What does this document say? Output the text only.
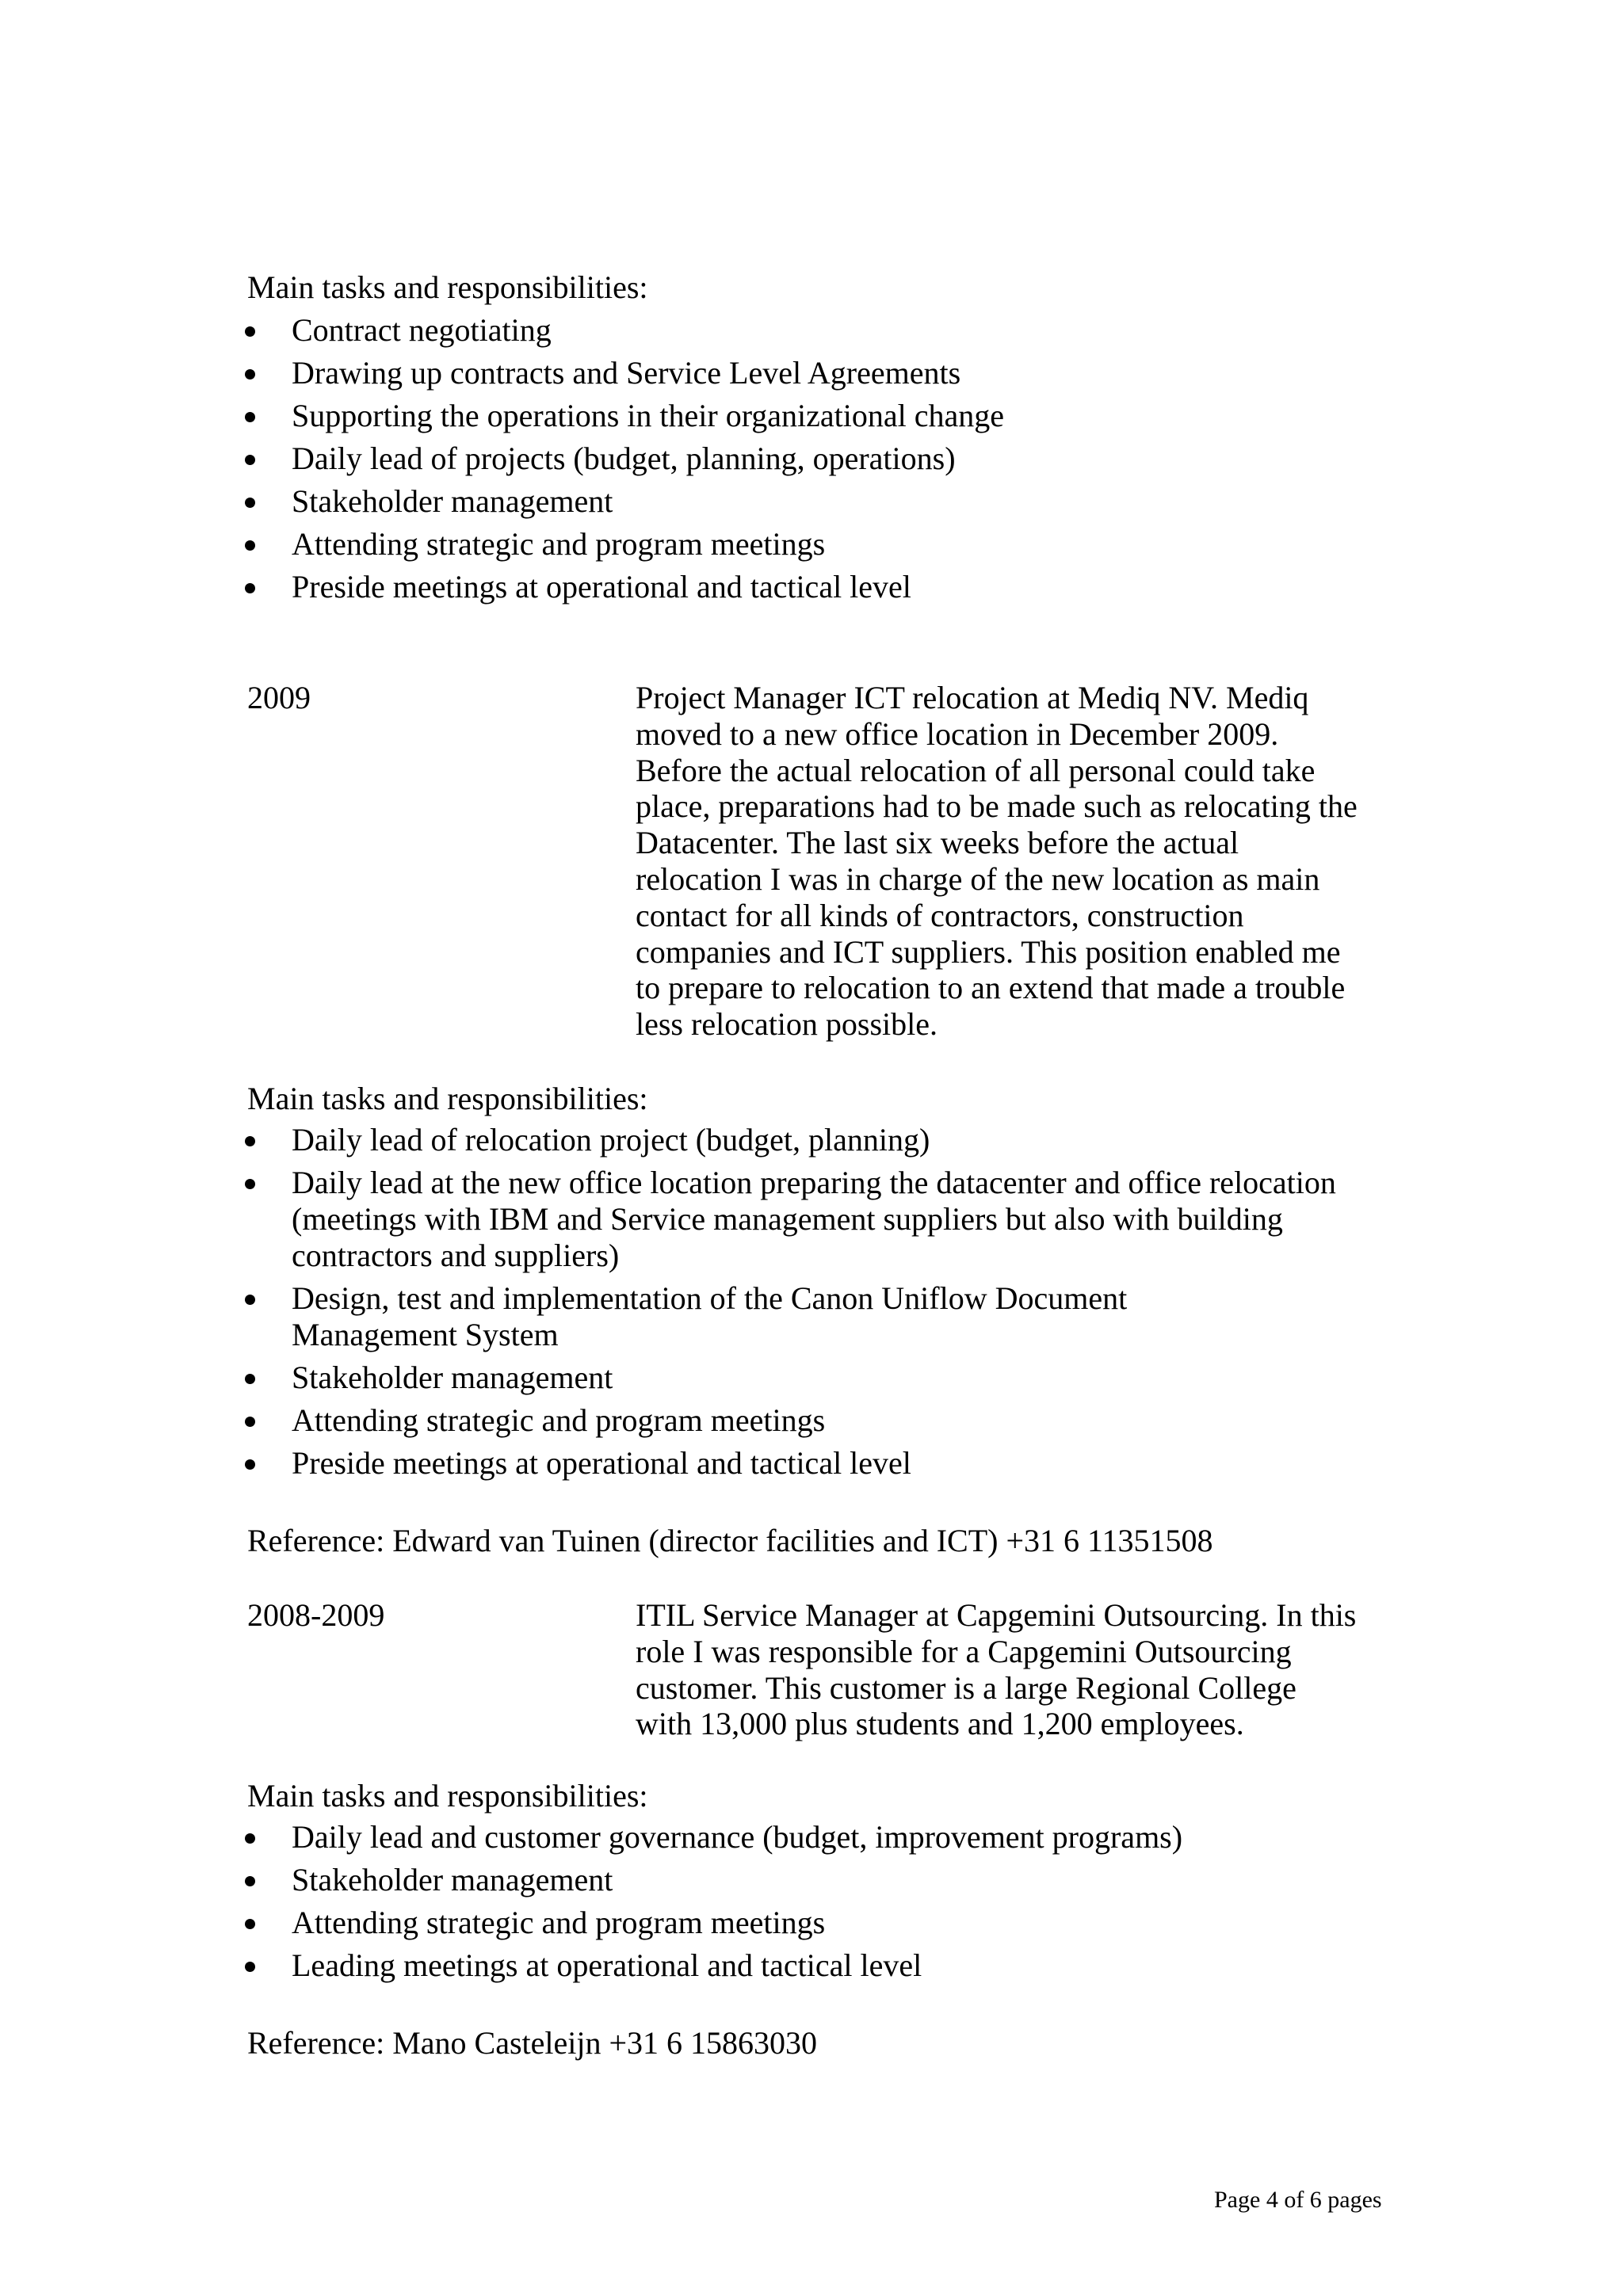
Main tasks and responsibilities:
Contract negotiating
Drawing up contracts and Service Level Agreements
Supporting the operations in their organizational change
Daily lead of projects (budget, planning, operations)
Stakeholder management
Attending strategic and program meetings
Preside meetings at operational and tactical level
2009	Project Manager ICT relocation at Mediq NV. Mediq
moved to a new office location in December 2009.
Before the actual relocation of all personal could take
place, preparations had to be made such as relocating the
Datacenter. The last six weeks before the actual
relocation I was in charge of the new location as main
contact for all kinds of contractors, construction
companies and ICT suppliers. This position enabled me
to prepare to relocation to an extend that made a trouble
less relocation possible.
Main tasks and responsibilities:
Daily lead of relocation project (budget, planning)
Daily lead at the new office location preparing the datacenter and office relocation (meetings with IBM and Service management suppliers but also with building contractors and suppliers)
Design, test and implementation of the Canon Uniflow Document Management System
Stakeholder management
Attending strategic and program meetings
Preside meetings at operational and tactical level
Reference: Edward van Tuinen (director facilities and ICT) +31 6 11351508
2008-2009	ITIL Service Manager at Capgemini Outsourcing. In this
role I was responsible for a Capgemini Outsourcing
customer. This customer is a large Regional College
with 13,000 plus students and 1,200 employees.
Main tasks and responsibilities:
Daily lead and customer governance (budget, improvement programs)
Stakeholder management
Attending strategic and program meetings
Leading meetings at operational and tactical level
Reference: Mano Casteleijn +31 6 15863030
Page 4 of 6 pages
